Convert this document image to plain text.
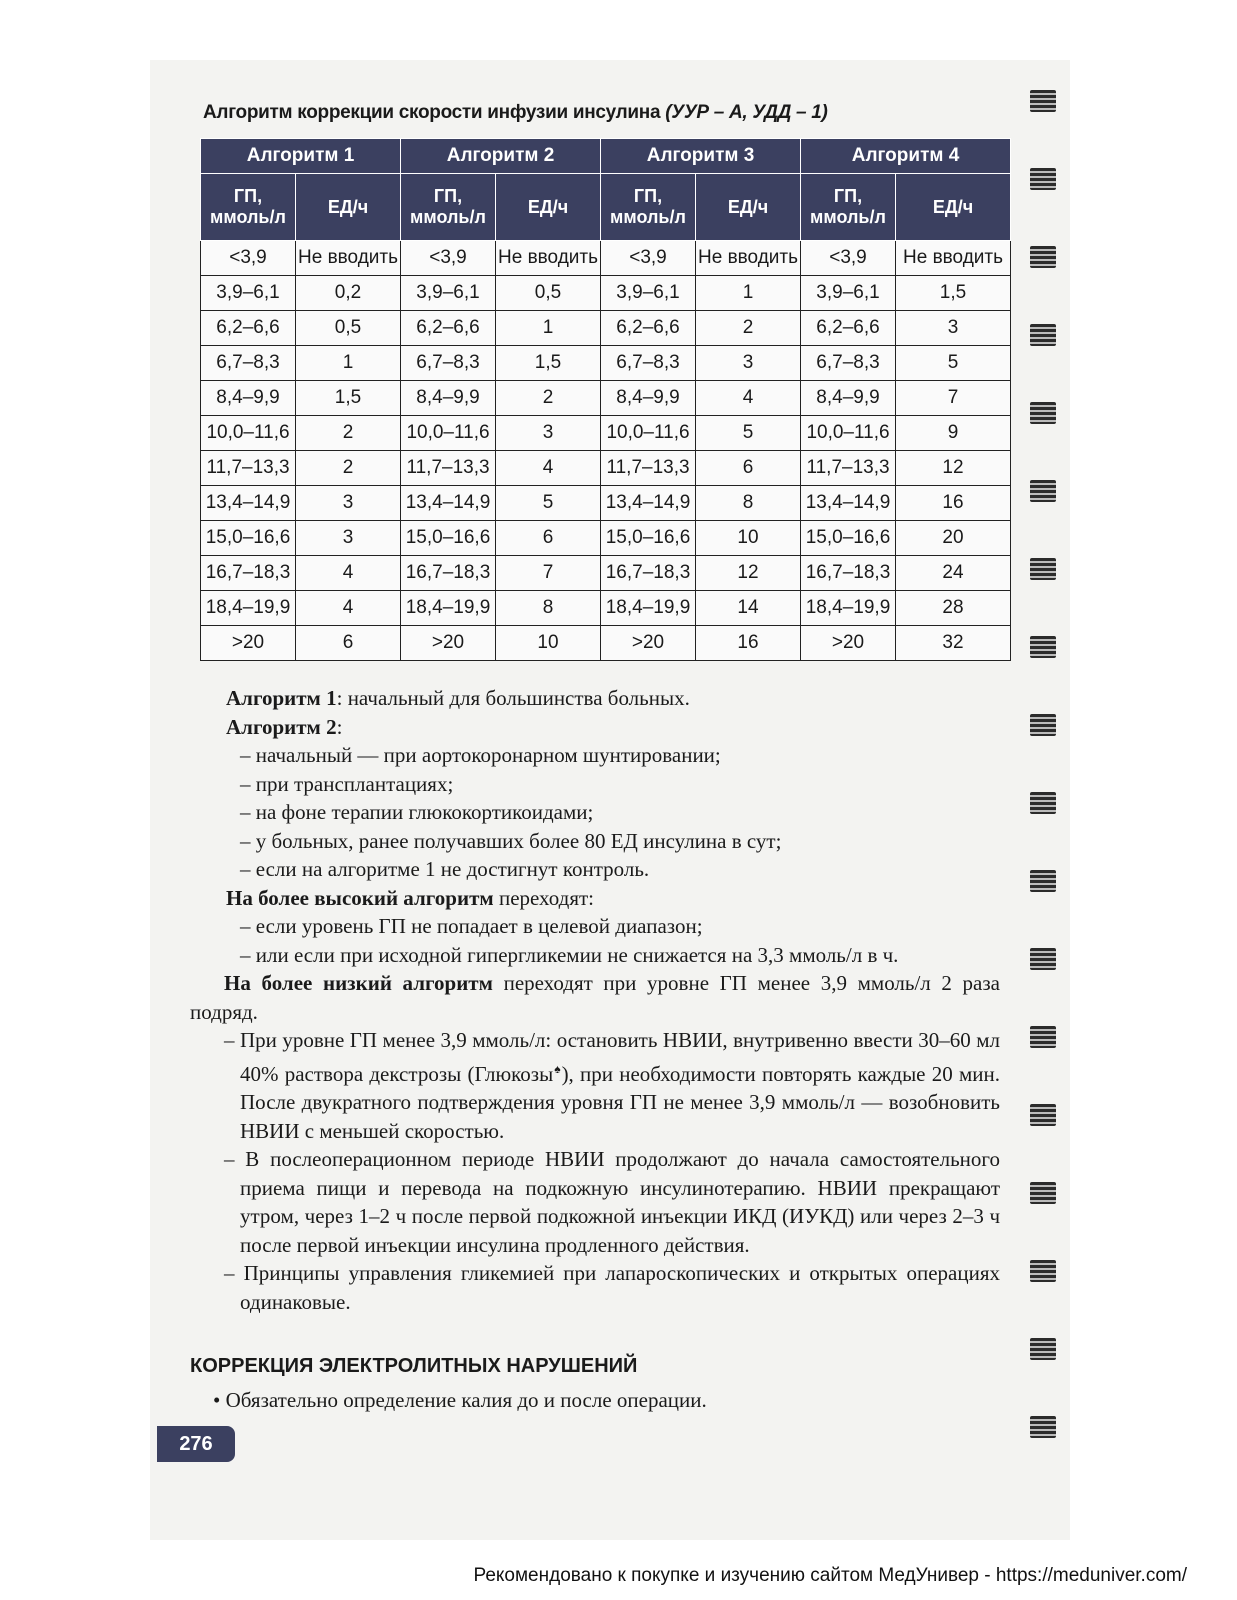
Алгоритм коррекции скорости инфузии инсулина (УУР – А, УДД – 1)
Алгоритм 1		Алгоритм 2		Алгоритм 3		Алгоритм 4	
ГП, ммоль/л	ЕД/ч	ГП, ммоль/л	ЕД/ч	ГП, ммоль/л	ЕД/ч	ГП, ммоль/л	ЕД/ч
<3,9	Не вводить	<3,9	Не вводить	<3,9	Не вводить	<3,9	Не вводить
3,9–6,1	0,2	3,9–6,1	0,5	3,9–6,1	1	3,9–6,1	1,5
6,2–6,6	0,5	6,2–6,6	1	6,2–6,6	2	6,2–6,6	3
6,7–8,3	1	6,7–8,3	1,5	6,7–8,3	3	6,7–8,3	5
8,4–9,9	1,5	8,4–9,9	2	8,4–9,9	4	8,4–9,9	7
10,0–11,6	2	10,0–11,6	3	10,0–11,6	5	10,0–11,6	9
11,7–13,3	2	11,7–13,3	4	11,7–13,3	6	11,7–13,3	12
13,4–14,9	3	13,4–14,9	5	13,4–14,9	8	13,4–14,9	16
15,0–16,6	3	15,0–16,6	6	15,0–16,6	10	15,0–16,6	20
16,7–18,3	4	16,7–18,3	7	16,7–18,3	12	16,7–18,3	24
18,4–19,9	4	18,4–19,9	8	18,4–19,9	14	18,4–19,9	28
>20	6	>20	10	>20	16	>20	32

Алгоритм 1: начальный для большинства больных.

Алгоритм 2:

– начальный — при аортокоронарном шунтировании;

– при трансплантациях;

– на фоне терапии глюкокортикоидами;

– у больных, ранее получавших более 80 ЕД инсулина в сут;

– если на алгоритме 1 не достигнут контроль.

На более высокий алгоритм переходят:

– если уровень ГП не попадает в целевой диапазон;

– или если при исходной гипергликемии не снижается на 3,3 ммоль/л в ч.

На более низкий алгоритм переходят при уровне ГП менее 3,9 ммоль/л 2 раза подряд.

– При уровне ГП менее 3,9 ммоль/л: остановить НВИИ, внутривенно ввести 30–60 мл 40% раствора декстрозы (Глюкозы♠), при необходимости повторять каждые 20 мин. После двукратного подтверждения уровня ГП не менее 3,9 ммоль/л — возобновить НВИИ с меньшей скоростью.

– В послеоперационном периоде НВИИ продолжают до начала самостоятельного приема пищи и перевода на подкожную инсулинотерапию. НВИИ прекращают утром, через 1–2 ч после первой подкожной инъекции ИКД (ИУКД) или через 2–3 ч после первой инъекции инсулина продленного действия.

– Принципы управления гликемией при лапароскопических и открытых операциях одинаковые.

КОРРЕКЦИЯ ЭЛЕКТРОЛИТНЫХ НАРУШЕНИЙ
• Обязательно определение калия до и после операции.
276
Рекомендовано к покупке и изучению сайтом МедУнивер - https://meduniver.com/
